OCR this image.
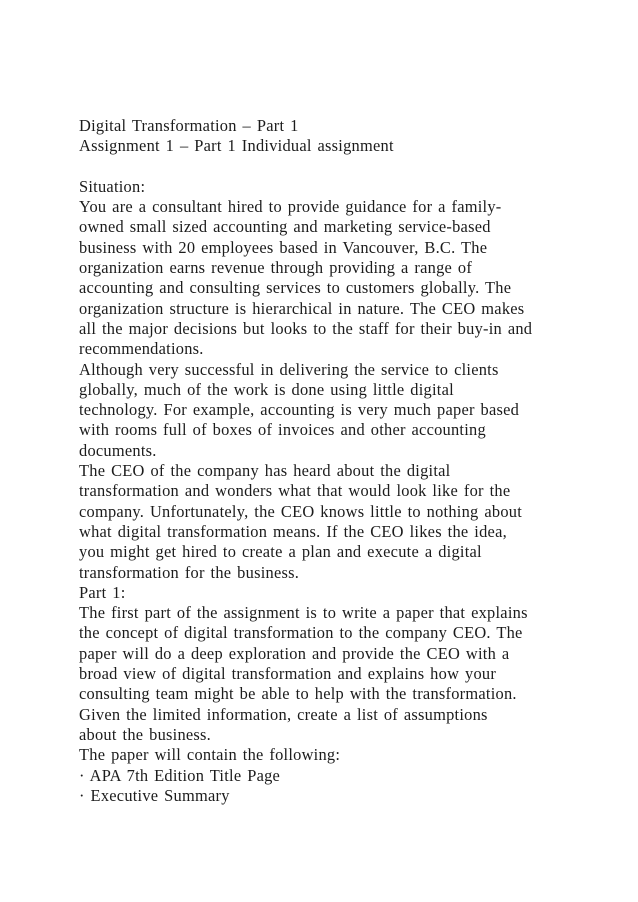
Digital Transformation – Part 1
Assignment 1 – Part 1 Individual assignment
Situation:
You are a consultant hired to provide guidance for a family-
owned small sized accounting and marketing service-based
business with 20 employees based in Vancouver, B.C. The
organization earns revenue through providing a range of
accounting and consulting services to customers globally. The
organization structure is hierarchical in nature. The CEO makes
all the major decisions but looks to the staff for their buy-in and
recommendations.
Although very successful in delivering the service to clients
globally, much of the work is done using little digital
technology. For example, accounting is very much paper based
with rooms full of boxes of invoices and other accounting
documents.
The CEO of the company has heard about the digital
transformation and wonders what that would look like for the
company. Unfortunately, the CEO knows little to nothing about
what digital transformation means. If the CEO likes the idea,
you might get hired to create a plan and execute a digital
transformation for the business.
Part 1:
The first part of the assignment is to write a paper that explains
the concept of digital transformation to the company CEO. The
paper will do a deep exploration and provide the CEO with a
broad view of digital transformation and explains how your
consulting team might be able to help with the transformation.
Given the limited information, create a list of assumptions
about the business.
The paper will contain the following:
· APA 7th Edition Title Page
· Executive Summary
